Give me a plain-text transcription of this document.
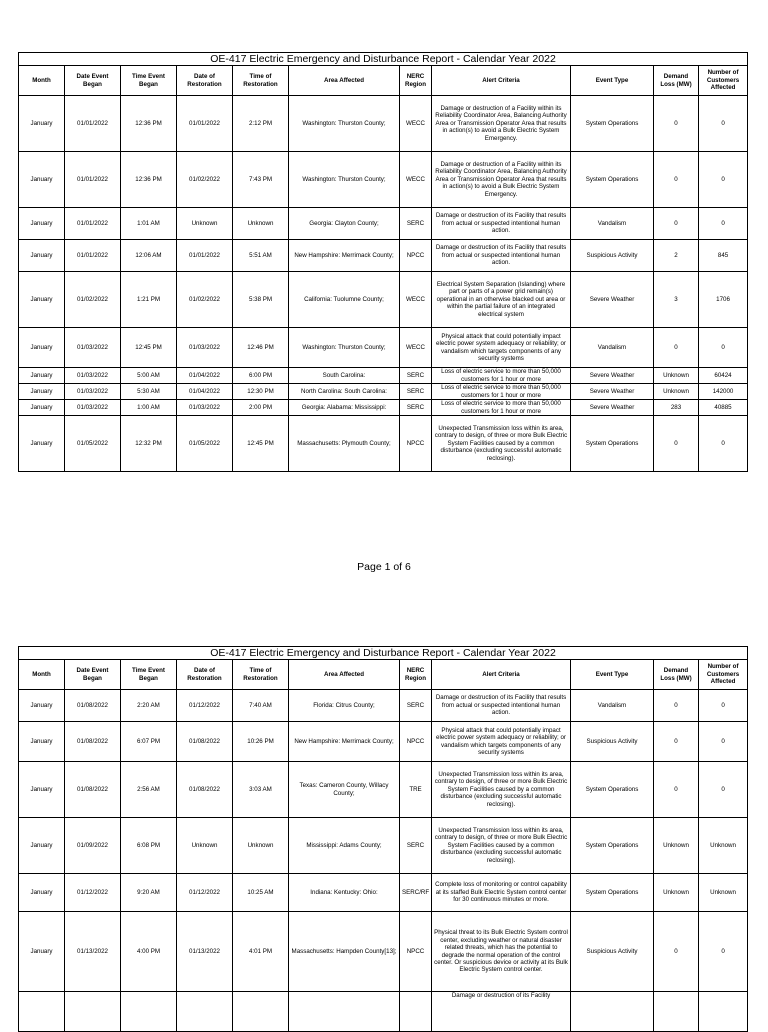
OE-417 Electric Emergency and Disturbance Report - Calendar Year 2022										
Month	Date Event Began	Time Event Began	Date of Restoration	Time of Restoration	Area Affected	NERC Region	Alert Criteria	Event Type	Demand Loss (MW)	Number of Customers Affected
January	01/01/2022	12:36 PM	01/01/2022	2:12 PM	Washington: Thurston County;	WECC	Damage or destruction of a Facility within its Reliability Coordinator Area, Balancing Authority Area or Transmission Operator Area that results in action(s) to avoid a Bulk Electric System Emergency.	System Operations	0	0
January	01/01/2022	12:36 PM	01/02/2022	7:43 PM	Washington: Thurston County;	WECC	Damage or destruction of a Facility within its Reliability Coordinator Area, Balancing Authority Area or Transmission Operator Area that results in action(s) to avoid a Bulk Electric System Emergency.	System Operations	0	0
January	01/01/2022	1:01 AM	Unknown	Unknown	Georgia: Clayton County;	SERC	Damage or destruction of its Facility that results from actual or suspected intentional human action.	Vandalism	0	0
January	01/01/2022	12:06 AM	01/01/2022	5:51 AM	New Hampshire: Merrimack County;	NPCC	Damage or destruction of its Facility that results from actual or suspected intentional human action.	Suspicious Activity	2	845
January	01/02/2022	1:21 PM	01/02/2022	5:38 PM	California: Tuolumne County;	WECC	Electrical System Separation (Islanding) where part or parts of a power grid remain(s) operational in an otherwise blacked out area or within the partial failure of an integrated electrical system	Severe Weather	3	1706
January	01/03/2022	12:45 PM	01/03/2022	12:46 PM	Washington: Thurston County;	WECC	Physical attack that could potentially impact electric power system adequacy or reliability; or vandalism which targets components of any security systems	Vandalism	0	0
January	01/03/2022	5:00 AM	01/04/2022	6:00 PM	South Carolina:	SERC	Loss of electric service to more than 50,000 customers for 1 hour or more	Severe Weather	Unknown	60424
January	01/03/2022	5:30 AM	01/04/2022	12:30 PM	North Carolina: South Carolina:	SERC	Loss of electric service to more than 50,000 customers for 1 hour or more	Severe Weather	Unknown	142000
January	01/03/2022	1:00 AM	01/03/2022	2:00 PM	Georgia: Alabama: Mississippi:	SERC	Loss of electric service to more than 50,000 customers for 1 hour or more	Severe Weather	283	40885
January	01/05/2022	12:32 PM	01/05/2022	12:45 PM	Massachusetts: Plymouth County;	NPCC	Unexpected Transmission loss within its area, contrary to design, of three or more Bulk Electric System Facilities caused by a common disturbance (excluding successful automatic reclosing).	System Operations	0	0
Page 1 of 6
OE-417 Electric Emergency and Disturbance Report - Calendar Year 2022										
Month	Date Event Began	Time Event Began	Date of Restoration	Time of Restoration	Area Affected	NERC Region	Alert Criteria	Event Type	Demand Loss (MW)	Number of Customers Affected
January	01/08/2022	2:20 AM	01/12/2022	7:40 AM	Florida: Citrus County;	SERC	Damage or destruction of its Facility that results from actual or suspected intentional human action.	Vandalism	0	0
January	01/08/2022	6:07 PM	01/08/2022	10:26 PM	New Hampshire: Merrimack County;	NPCC	Physical attack that could potentially impact electric power system adequacy or reliability; or vandalism which targets components of any security systems	Suspicious Activity	0	0
January	01/08/2022	2:56 AM	01/08/2022	3:03 AM	Texas: Cameron County, Willacy County;	TRE	Unexpected Transmission loss within its area, contrary to design, of three or more Bulk Electric System Facilities caused by a common disturbance (excluding successful automatic reclosing).	System Operations	0	0
January	01/09/2022	6:08 PM	Unknown	Unknown	Mississippi: Adams County;	SERC	Unexpected Transmission loss within its area, contrary to design, of three or more Bulk Electric System Facilities caused by a common disturbance (excluding successful automatic reclosing).	System Operations	Unknown	Unknown
January	01/12/2022	9:20 AM	01/12/2022	10:25 AM	Indiana: Kentucky: Ohio:	SERC/RF	Complete loss of monitoring or control capability at its staffed Bulk Electric System control center for 30 continuous minutes or more.	System Operations	Unknown	Unknown
January	01/13/2022	4:00 PM	01/13/2022	4:01 PM	Massachusetts: Hampden County[13];	NPCC	Physical threat to its Bulk Electric System control center, excluding weather or natural disaster related threats, which has the potential to degrade the normal operation of the control center. Or suspicious device or activity at its Bulk Electric System control center.	Suspicious Activity	0	0
							Damage or destruction of its Facility			
